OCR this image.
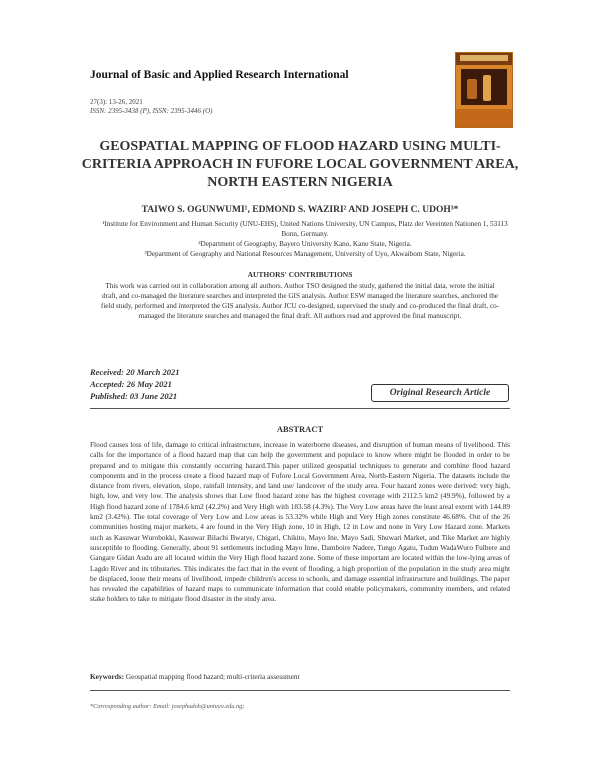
Journal of Basic and Applied Research International
27(3): 13-26, 2021
ISSN: 2395-3438 (P), ISSN: 2395-3446 (O)
GEOSPATIAL MAPPING OF FLOOD HAZARD USING MULTI-CRITERIA APPROACH IN FUFORE LOCAL GOVERNMENT AREA, NORTH EASTERN NIGERIA
TAIWO S. OGUNWUMI¹, EDMOND S. WAZIRI² AND JOSEPH C. UDOH³*
¹Institute for Environment and Human Security (UNU-EHS), United Nations University, UN Campus, Platz der Vereinten Nationen 1, 53113 Bonn, Germany.
²Department of Geography, Bayero University Kano, Kano State, Nigeria.
³Department of Geography and National Resources Management, University of Uyo, Akwaibom State, Nigeria.
AUTHORS' CONTRIBUTIONS
This work was carried out in collaboration among all authors. Author TSO designed the study, gathered the initial data, wrote the initial draft, and co-managed the literature searches and interpreted the GIS analysis. Author ESW managed the literature searches, anchored the field study, performed and interpreted the GIS analysis. Author JCU co-designed, supervised the study and co-produced the final draft, co-managed the literature searches and managed the final draft. All authors read and approved the final manuscript.
Received: 20 March 2021
Accepted: 26 May 2021
Published: 03 June 2021	Original Research Article
ABSTRACT
Flood causes loss of life, damage to critical infrastructure, increase in waterborne diseases, and disruption of human means of livelihood. This calls for the importance of a flood hazard map that can help the government and populace to know where might be flooded in order to be prepared and to mitigate this constantly occurring hazard.This paper utilized geospatial techniques to generate and combine flood hazard components and in the process create a flood hazard map of Fufore Local Government Area, North-Eastern Nigeria. The datasets include the distance from rivers, elevation, slope, rainfall intensity, and land use/ landcover of the study area. Four hazard zones were derived: very high, high, low, and very low. The analysis shows that Low flood hazard zone has the highest coverage with 2112.5 km2 (49.9%), followed by a High flood hazard zone of 1784.6 km2 (42.2%) and Very High with 183.58 (4.3%). The Very Low areas have the least areal extent with 144.89 km2 (3.42%). The total coverage of Very Low and Low areas is 53.32% while High and Very High zones constitute 46.68%. Out of the 26 communities hosting major markets, 4 are found in the Very High zone, 10 in High, 12 in Low and none in Very Low Hazard zone. Markets such as Kasuwar Wurobokki, Kasuwar Bilachi Bwatye, Chigari, Chikito, Mayo Ine, Mayo Sadi, Shuwari Market, and Tike Market are highly susceptible to flooding. Generally, about 91 settlements including Mayo Inne, Damboire Nadere, Tungo Agatu, Tudun WadaWuro Fulbere and Gangare Gidan Audu are all located within the Very High flood hazard zone. Some of these important are located within the low-lying areas of Lagdo River and its tributaries. This indicates the fact that in the event of flooding, a high proportion of the population in the study area might be displaced, loose their means of livelihood, impede children's access to schools, and damage essential infrastructure and buildings. The paper has revealed the capabilities of hazard maps to communicate information that could enable policymakers, community members, and related stake holders to take to mitigate flood disaster in the study area.
Keywords: Geospatial mapping flood hazard; multi-criteria assessment
*Corresponding author: Email: josephudoh@uniuyo.edu.ng;
